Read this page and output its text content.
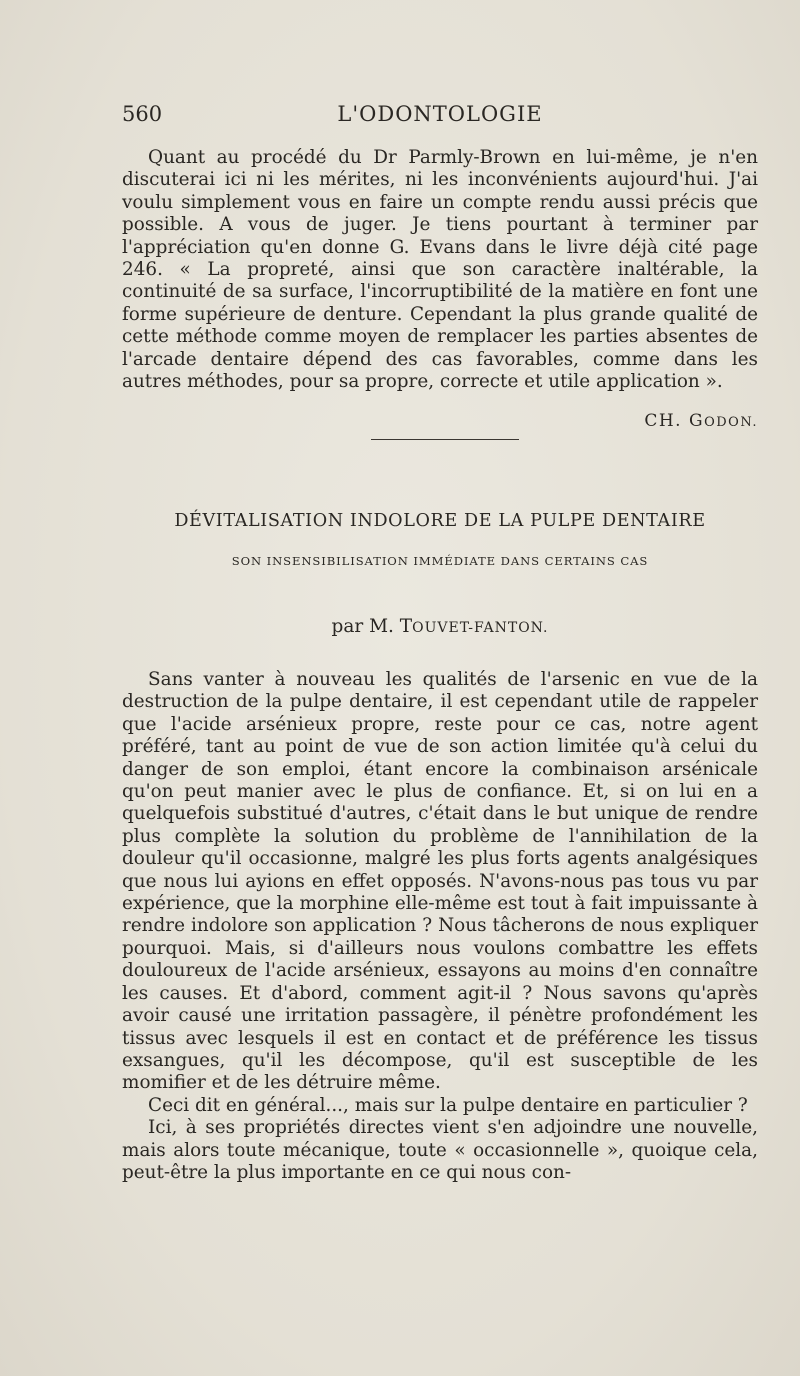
560	L'ODONTOLOGIE

Quant au procédé du Dr Parmly-Brown en lui-même, je n'en discuterai ici ni les mérites, ni les inconvénients aujourd'hui. J'ai voulu simplement vous en faire un compte rendu aussi précis que possible. A vous de juger. Je tiens pourtant à terminer par l'appréciation qu'en donne G. Evans dans le livre déjà cité page 246. « La propreté, ainsi que son caractère inaltérable, la continuité de sa surface, l'incorruptibilité de la matière en font une forme supérieure de denture. Cependant la plus grande qualité de cette méthode comme moyen de remplacer les parties absentes de l'arcade dentaire dépend des cas favorables, comme dans les autres méthodes, pour sa propre, correcte et utile application ».

CH. GODON.
DÉVITALISATION INDOLORE DE LA PULPE DENTAIRE
SON INSENSIBILISATION IMMÉDIATE DANS CERTAINS CAS
par M. TOUVET-FANTON.

Sans vanter à nouveau les qualités de l'arsenic en vue de la destruction de la pulpe dentaire, il est cependant utile de rappeler que l'acide arsénieux propre, reste pour ce cas, notre agent préféré, tant au point de vue de son action limitée qu'à celui du danger de son emploi, étant encore la combinaison arsénicale qu'on peut manier avec le plus de confiance. Et, si on lui en a quelquefois substitué d'autres, c'était dans le but unique de rendre plus complète la solution du problème de l'annihilation de la douleur qu'il occasionne, malgré les plus forts agents analgésiques que nous lui ayions en effet opposés. N'avons-nous pas tous vu par expérience, que la morphine elle-même est tout à fait impuissante à rendre indolore son application ? Nous tâcherons de nous expliquer pourquoi. Mais, si d'ailleurs nous voulons combattre les effets douloureux de l'acide arsénieux, essayons au moins d'en connaître les causes. Et d'abord, comment agit-il ? Nous savons qu'après avoir causé une irritation passagère, il pénètre profondément les tissus avec lesquels il est en contact et de préférence les tissus exsangues, qu'il les décompose, qu'il est susceptible de les momifier et de les détruire même.

Ceci dit en général..., mais sur la pulpe dentaire en particulier ?

Ici, à ses propriétés directes vient s'en adjoindre une nouvelle, mais alors toute mécanique, toute « occasionnelle », quoique cela, peut-être la plus importante en ce qui nous con-
